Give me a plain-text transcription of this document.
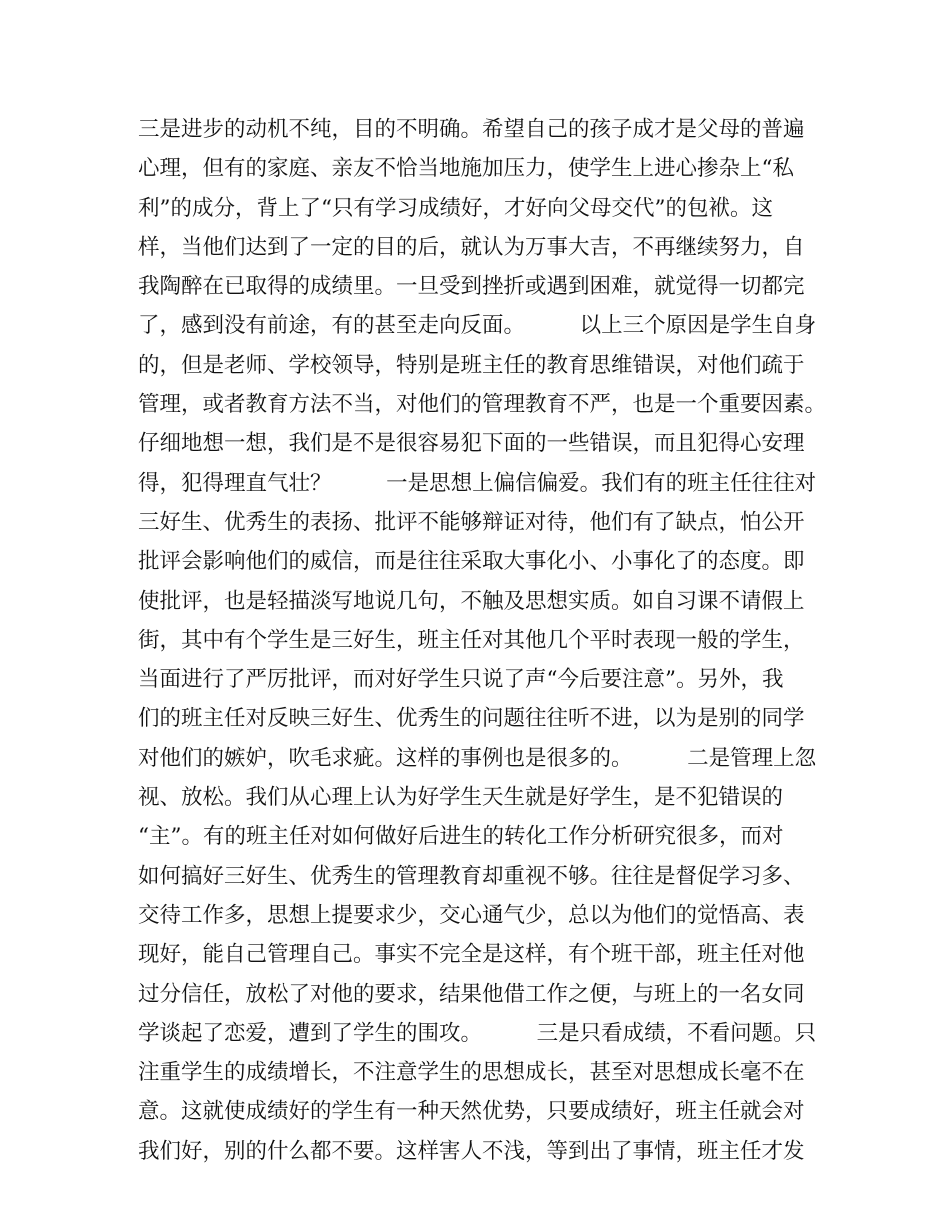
三是进步的动机不纯，目的不明确。希望自己的孩子成才是父母的普遍
心理，但有的家庭、亲友不恰当地施加压力，使学生上进心掺杂上“私
利”的成分，背上了“只有学习成绩好，才好向父母交代”的包袱。这
样，当他们达到了一定的目的后，就认为万事大吉，不再继续努力，自
我陶醉在已取得的成绩里。一旦受到挫折或遇到困难，就觉得一切都完
了，感到没有前途，有的甚至走向反面。        以上三个原因是学生自身
的，但是老师、学校领导，特别是班主任的教育思维错误，对他们疏于
管理，或者教育方法不当，对他们的管理教育不严，也是一个重要因素。
仔细地想一想，我们是不是很容易犯下面的一些错误，而且犯得心安理
得，犯得理直气壮？        一是思想上偏信偏爱。我们有的班主任往往对
三好生、优秀生的表扬、批评不能够辩证对待，他们有了缺点，怕公开
批评会影响他们的威信，而是往往采取大事化小、小事化了的态度。即
使批评，也是轻描淡写地说几句，不触及思想实质。如自习课不请假上
街，其中有个学生是三好生，班主任对其他几个平时表现一般的学生，
当面进行了严厉批评，而对好学生只说了声“今后要注意”。另外，我
们的班主任对反映三好生、优秀生的问题往往听不进，以为是别的同学
对他们的嫉妒，吹毛求疵。这样的事例也是很多的。        二是管理上忽
视、放松。我们从心理上认为好学生天生就是好学生，是不犯错误的
“主”。有的班主任对如何做好后进生的转化工作分析研究很多，而对
如何搞好三好生、优秀生的管理教育却重视不够。往往是督促学习多、
交待工作多，思想上提要求少，交心通气少，总以为他们的觉悟高、表
现好，能自己管理自己。事实不完全是这样，有个班干部，班主任对他
过分信任，放松了对他的要求，结果他借工作之便，与班上的一名女同
学谈起了恋爱，遭到了学生的围攻。        三是只看成绩，不看问题。只
注重学生的成绩增长，不注意学生的思想成长，甚至对思想成长毫不在
意。这就使成绩好的学生有一种天然优势，只要成绩好，班主任就会对
我们好，别的什么都不要。这样害人不浅，等到出了事情，班主任才发
